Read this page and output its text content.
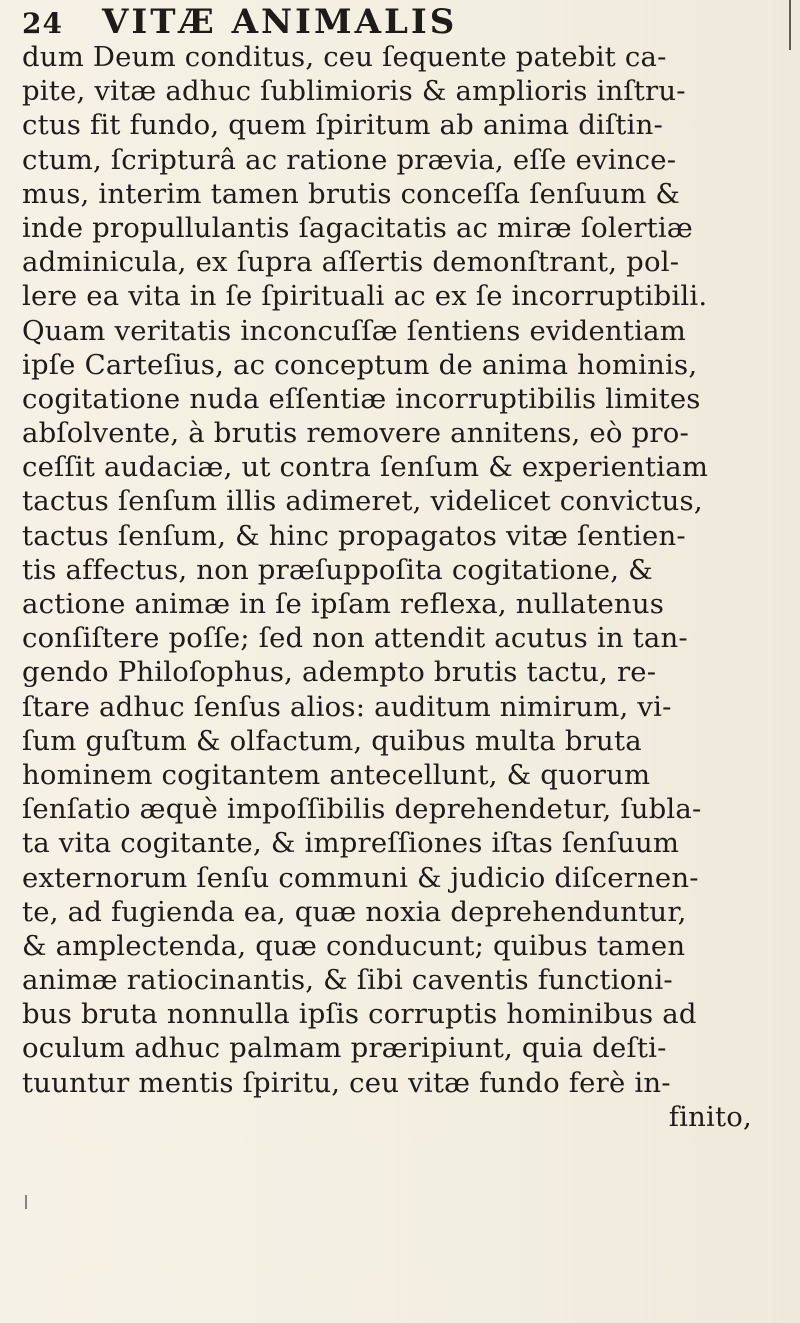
24	VITÆ ANIMALIS
dum Deum conditus, ceu ſequente patebit ca-
pite, vitæ adhuc ſublimioris & amplioris inſtru-
ctus fit fundo, quem ſpiritum ab anima diſtin-
ctum, ſcripturâ ac ratione prævia, eſſe evince-
mus, interim tamen brutis conceſſa ſenſuum &
inde propullulantis ſagacitatis ac miræ ſolertiæ
adminicula, ex ſupra aſſertis demonſtrant, pol-
lere ea vita in ſe ſpirituali ac ex ſe incorruptibili.
Quam veritatis inconcuſſæ ſentiens evidentiam
ipſe Carteſius, ac conceptum de anima hominis,
cogitatione nuda eſſentiæ incorruptibilis limites
abſolvente, à brutis removere annitens, eò pro-
ceſſit audaciæ, ut contra ſenſum & experientiam
tactus ſenſum illis adimeret, videlicet convictus,
tactus ſenſum, & hinc propagatos vitæ ſentien-
tis affectus, non præſuppoſita cogitatione, &
actione animæ in ſe ipſam reflexa, nullatenus
conſiſtere poſſe; ſed non attendit acutus in tan-
gendo Philoſophus, adempto brutis tactu, re-
ſtare adhuc ſenſus alios: auditum nimirum, vi-
ſum guſtum & olfactum, quibus multa bruta
hominem cogitantem antecellunt, & quorum
ſenſatio æquè impoſſibilis deprehendetur, ſubla-
ta vita cogitante, & impreſſiones iſtas ſenſuum
externorum ſenſu communi & judicio diſcernen-
te, ad fugienda ea, quæ noxia deprehenduntur,
& amplectenda, quæ conducunt; quibus tamen
animæ ratiocinantis, & ſibi caventis functioni-
bus bruta nonnulla ipſis corruptis hominibus ad
oculum adhuc palmam præripiunt, quia deſti-
tuuntur mentis ſpiritu, ceu vitæ fundo ferè in-
finito,
